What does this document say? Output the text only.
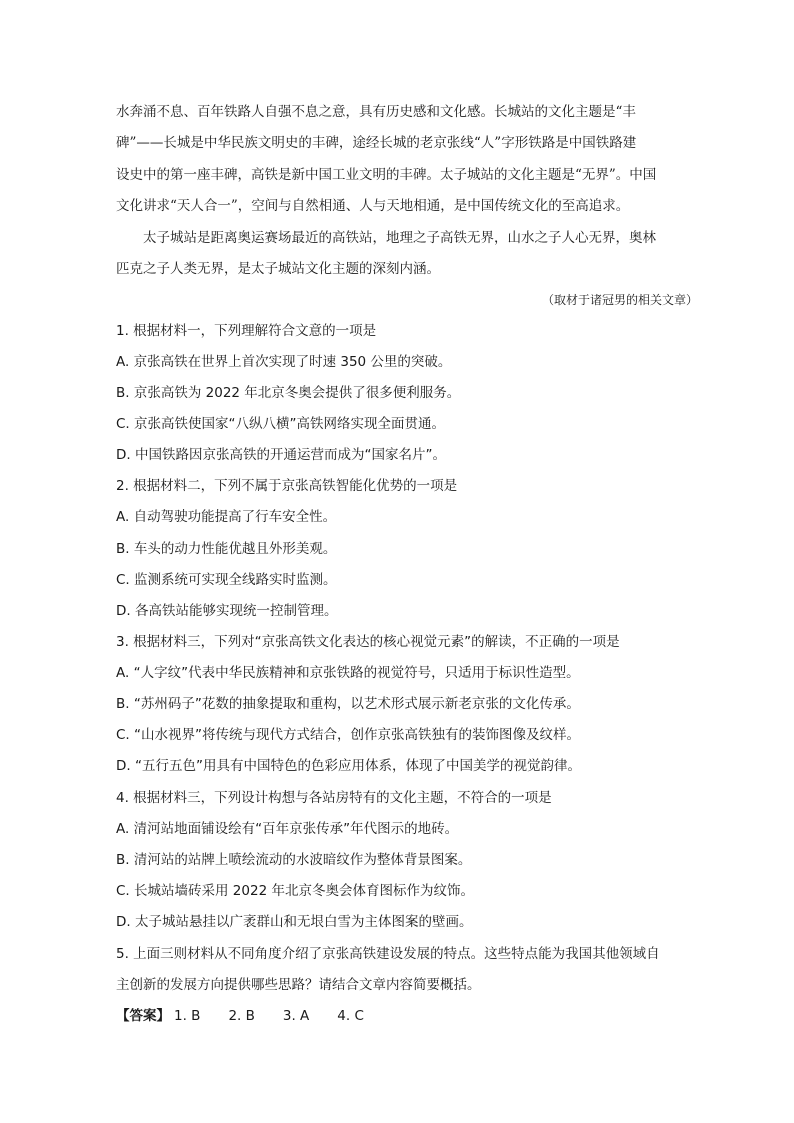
水奔涌不息、百年铁路人自强不息之意，具有历史感和文化感。长城站的文化主题是“丰
碑”——长城是中华民族文明史的丰碑，途经长城的老京张线“人”字形铁路是中国铁路建
设史中的第一座丰碑，高铁是新中国工业文明的丰碑。太子城站的文化主题是“无界”。中国
文化讲求“天人合一”，空间与自然相通、人与天地相通，是中国传统文化的至高追求。
　　太子城站是距离奥运赛场最近的高铁站，地理之子高铁无界，山水之子人心无界，奥林
匹克之子人类无界，是太子城站文化主题的深刻内涵。
（取材于诸冠男的相关文章）
1. 根据材料一，下列理解符合文意的一项是
A. 京张高铁在世界上首次实现了时速 350 公里的突破。
B. 京张高铁为 2022 年北京冬奥会提供了很多便利服务。
C. 京张高铁使国家“八纵八横”高铁网络实现全面贯通。
D. 中国铁路因京张高铁的开通运营而成为“国家名片”。
2. 根据材料二，下列不属于京张高铁智能化优势的一项是
A. 自动驾驶功能提高了行车安全性。
B. 车头的动力性能优越且外形美观。
C. 监测系统可实现全线路实时监测。
D. 各高铁站能够实现统一控制管理。
3. 根据材料三，下列对“京张高铁文化表达的核心视觉元素”的解读，不正确的一项是
A. “人字纹”代表中华民族精神和京张铁路的视觉符号，只适用于标识性造型。
B. “苏州码子”花数的抽象提取和重构，以艺术形式展示新老京张的文化传承。
C. “山水视界”将传统与现代方式结合，创作京张高铁独有的装饰图像及纹样。
D. “五行五色”用具有中国特色的色彩应用体系，体现了中国美学的视觉韵律。
4. 根据材料三，下列设计构想与各站房特有的文化主题，不符合的一项是
A. 清河站地面铺设绘有“百年京张传承”年代图示的地砖。
B. 清河站的站牌上喷绘流动的水波暗纹作为整体背景图案。
C. 长城站墙砖采用 2022 年北京冬奥会体育图标作为纹饰。
D. 太子城站悬挂以广袤群山和无垠白雪为主体图案的壁画。
5. 上面三则材料从不同角度介绍了京张高铁建设发展的特点。这些特点能为我国其他领域自
主创新的发展方向提供哪些思路？请结合文章内容简要概括。
【答案】 1. B 2. B 3. A 4. C
